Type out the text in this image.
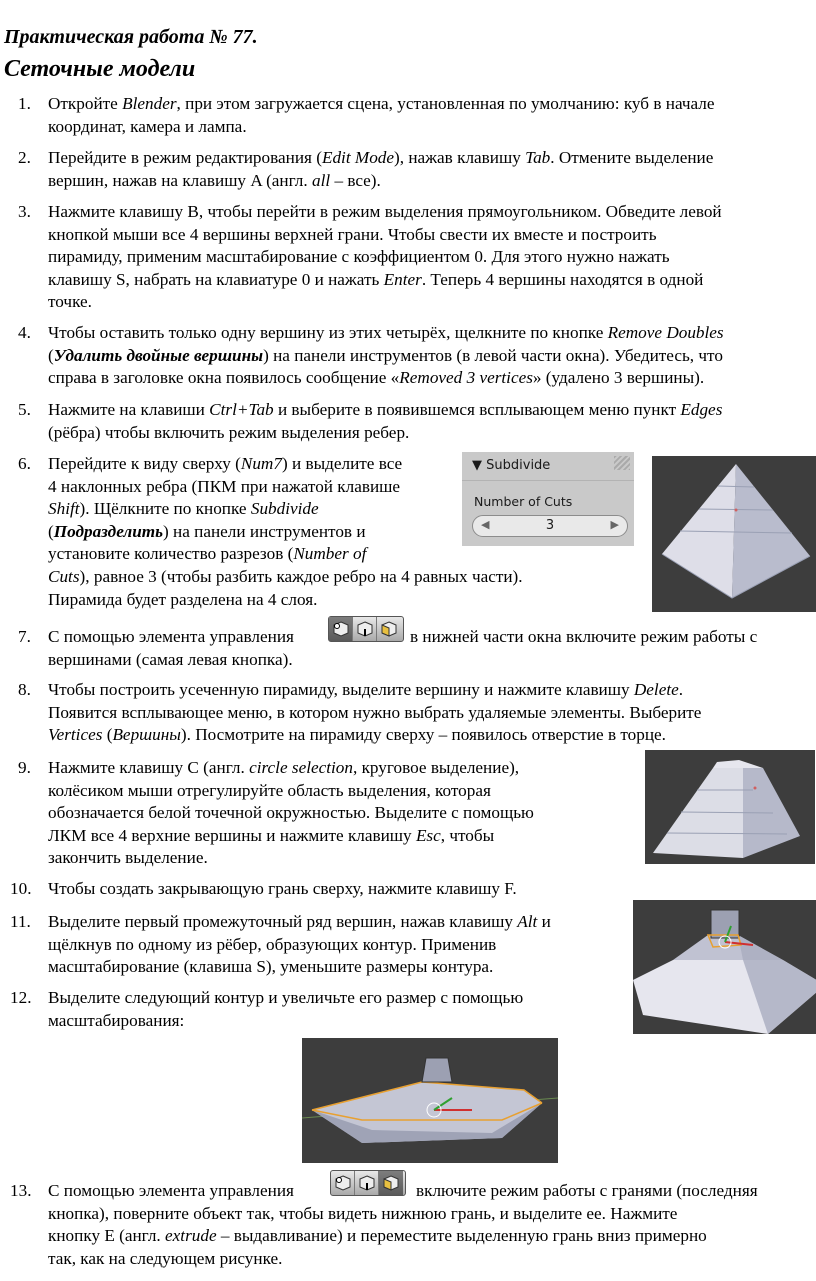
Практическая работа № 77.
Сеточные модели
1. Откройте Blender, при этом загружается сцена, установленная по умолчанию: куб в начале
координат, камера и лампа.
2. Перейдите в режим редактирования (Edit Mode), нажав клавишу Tab. Отмените выделение
вершин, нажав на клавишу A (англ. all – все).
3. Нажмите клавишу B, чтобы перейти в режим выделения прямоугольником. Обведите левой
кнопкой мыши все 4 вершины верхней грани. Чтобы свести их вместе и построить
пирамиду, применим масштабирование с коэффициентом 0. Для этого нужно нажать
клавишу S, набрать на клавиатуре 0 и нажать Enter. Теперь 4 вершины находятся в одной
точке.
4. Чтобы оставить только одну вершину из этих четырёх, щелкните по кнопке Remove Doubles
(Удалить двойные вершины) на панели инструментов (в левой части окна). Убедитесь, что
справа в заголовке окна появилось сообщение «Removed 3 vertices» (удалено 3 вершины).
5. Нажмите на клавиши Ctrl+Tab и выберите в появившемся всплывающем меню пункт Edges
(рёбра) чтобы включить режим выделения ребер.
6. Перейдите к виду сверху (Num7) и выделите все
4 наклонных ребра (ПКМ при нажатой клавише
Shift). Щёлкните по кнопке Subdivide
(Подразделить) на панели инструментов и
установите количество разрезов (Number of
Cuts), равное 3 (чтобы разбить каждое ребро на 4 равных части).
Пирамида будет разделена на 4 слоя.
7. С помощью элемента управления
вершинами (самая левая кнопка).
в нижней части окна включите режим работы с
8. Чтобы построить усеченную пирамиду, выделите вершину и нажмите клавишу Delete.
Появится всплывающее меню, в котором нужно выбрать удаляемые элементы. Выберите
Vertices (Вершины). Посмотрите на пирамиду сверху – появилось отверстие в торце.
9. Нажмите клавишу C (англ. circle selection, круговое выделение),
колёсиком мыши отрегулируйте область выделения, которая
обозначается белой точечной окружностью. Выделите с помощью
ЛКМ все 4 верхние вершины и нажмите клавишу Esc, чтобы
закончить выделение.
10. Чтобы создать закрывающую грань сверху, нажмите клавишу F.
11. Выделите первый промежуточный ряд вершин, нажав клавишу Alt и
щёлкнув по одному из рёбер, образующих контур. Применив
масштабирование (клавиша S), уменьшите размеры контура.
12. Выделите следующий контур и увеличьте его размер с помощью
масштабирования:
13. С помощью элемента управления
кнопка), поверните объект так, чтобы видеть нижнюю грань, и выделите ее. Нажмите
кнопку E (англ. extrude – выдавливание) и переместите выделенную грань вниз примерно
так, как на следующем рисунке.
включите режим работы с гранями (последняя
▼ Subdivide
Number of Cuts
◀	3	▶
